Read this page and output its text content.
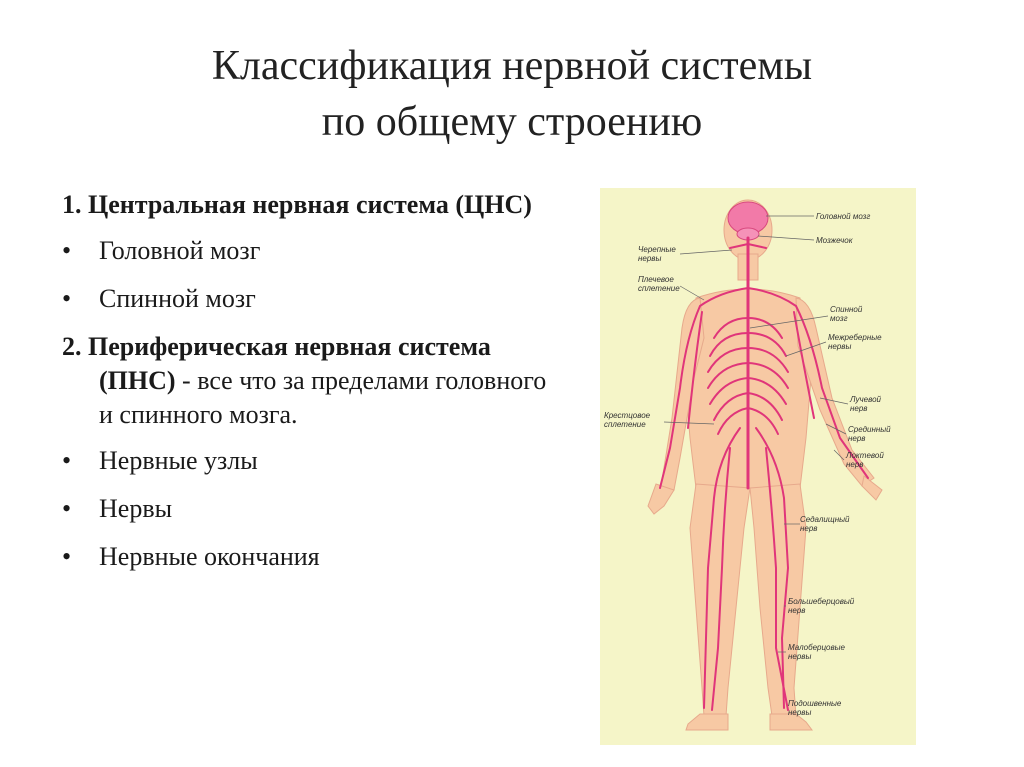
Классификация нервной системы
по общему строению
1. Центральная нервная система (ЦНС)
• Головной мозг
• Спинной мозг
2. Периферическая нервная система (ПНС) - все что за пределами головного и спинного мозга.
• Нервные узлы
• Нервы
• Нервные окончания
Головной мозг
Мозжечок
Черепные
нервы
Плечевое
сплетение
Спинной
мозг
Межреберные
нервы
Лучевой
нерв
Срединный
нерв
Локтевой
нерв
Крестцовое
сплетение
Седалищный
нерв
Большеберцовый
нерв
Малоберцовые
нервы
Подошвенные
нервы
